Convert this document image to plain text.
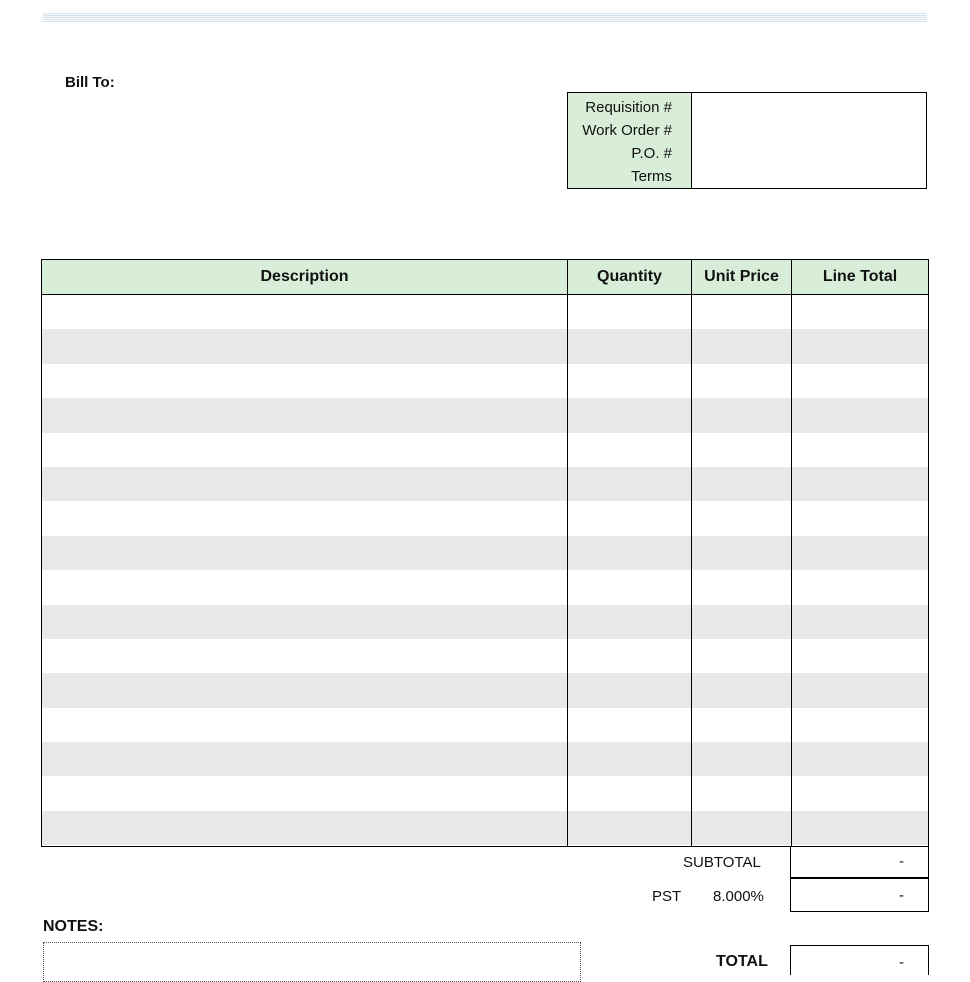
Bill To:
Requisition #
Work Order #
P.O. #
Terms
Description	Quantity	Unit Price	Line Total
SUBTOTAL	-
PST 8.000%	-
NOTES:
TOTAL	-
